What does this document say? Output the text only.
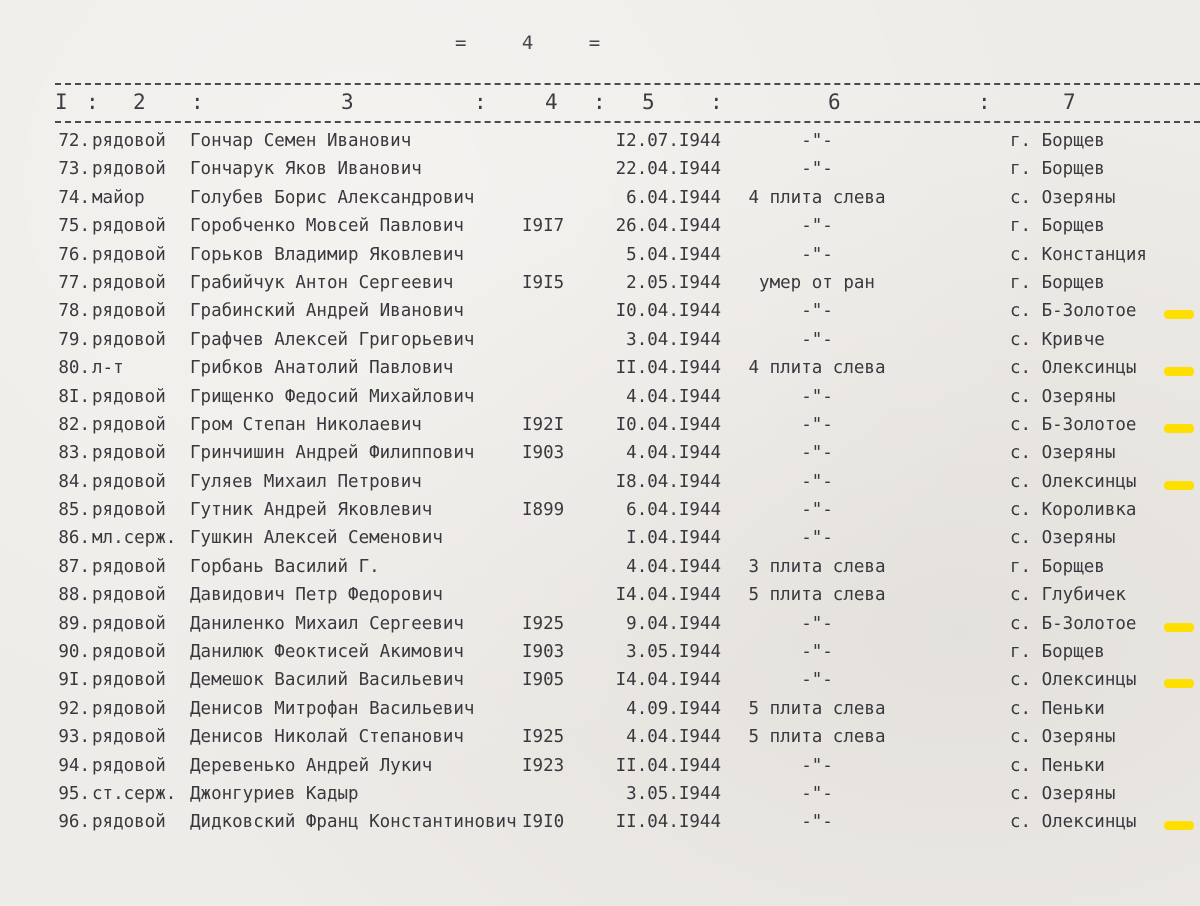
= 4 =
I : 2 :	3	:	4 : 5	:	6	:	7
72. рядовой Гончар Семен Иванович	I2.07.I944	-"-	г. Борщев
73. рядовой Гончарук Яков Иванович	22.04.I944	-"-	г. Борщев
74. майор	Голубев Борис Александрович	6.04.I944	4 плита слева	с. Озеряны
75. рядовой Горобченко Мовсей Павлович	I9I7	26.04.I944	-"-	г. Борщев
76. рядовой Горьков Владимир Яковлевич	5.04.I944	-"-	с. Констанция
77. рядовой Грабийчук Антон Сергеевич	I9I5	2.05.I944	умер от ран	г. Борщев
78. рядовой Грабинский Андрей Иванович	I0.04.I944	-"-	с. Б-Золотое
79. рядовой Графчев Алексей Григорьевич	3.04.I944	-"-	с. Кривче
80. л-т	Грибков Анатолий Павлович	II.04.I944	4 плита слева	с. Олексинцы
8I. рядовой Грищенко Федосий Михайлович	4.04.I944	-"-	с. Озеряны
82. рядовой Гром Степан Николаевич	I92I	I0.04.I944	-"-	с. Б-Золотое
83. рядовой Гринчишин Андрей Филиппович	I903	4.04.I944	-"-	с. Озеряны
84. рядовой Гуляев Михаил Петрович	I8.04.I944	-"-	с. Олексинцы
85. рядовой Гутник Андрей Яковлевич	I899	6.04.I944	-"-	с. Короливка
86. мл.серж. Гушкин Алексей Семенович	I.04.I944	-"-	с. Озеряны
87. рядовой Горбань Василий Г.	4.04.I944	3 плита слева	г. Борщев
88. рядовой Давидович Петр Федорович	I4.04.I944	5 плита слева	с. Глубичек
89. рядовой Даниленко Михаил Сергеевич	I925	9.04.I944	-"-	с. Б-Золотое
90. рядовой Данилюк Феоктисей Акимович	I903	3.05.I944	-"-	г. Борщев
9I. рядовой Демешок Василий Васильевич	I905	I4.04.I944	-"-	с. Олексинцы
92. рядовой Денисов Митрофан Васильевич	4.09.I944	5 плита слева	с. Пеньки
93. рядовой Денисов Николай Степанович	I925	4.04.I944	5 плита слева	с. Озеряны
94. рядовой Деревенько Андрей Лукич	I923	II.04.I944	-"-	с. Пеньки
95. ст.серж. Джонгуриев Кадыр	3.05.I944	-"-	с. Озеряны
96. рядовой Дидковский Франц Константинович I9I0	II.04.I944	-"-	с. Олексинцы
